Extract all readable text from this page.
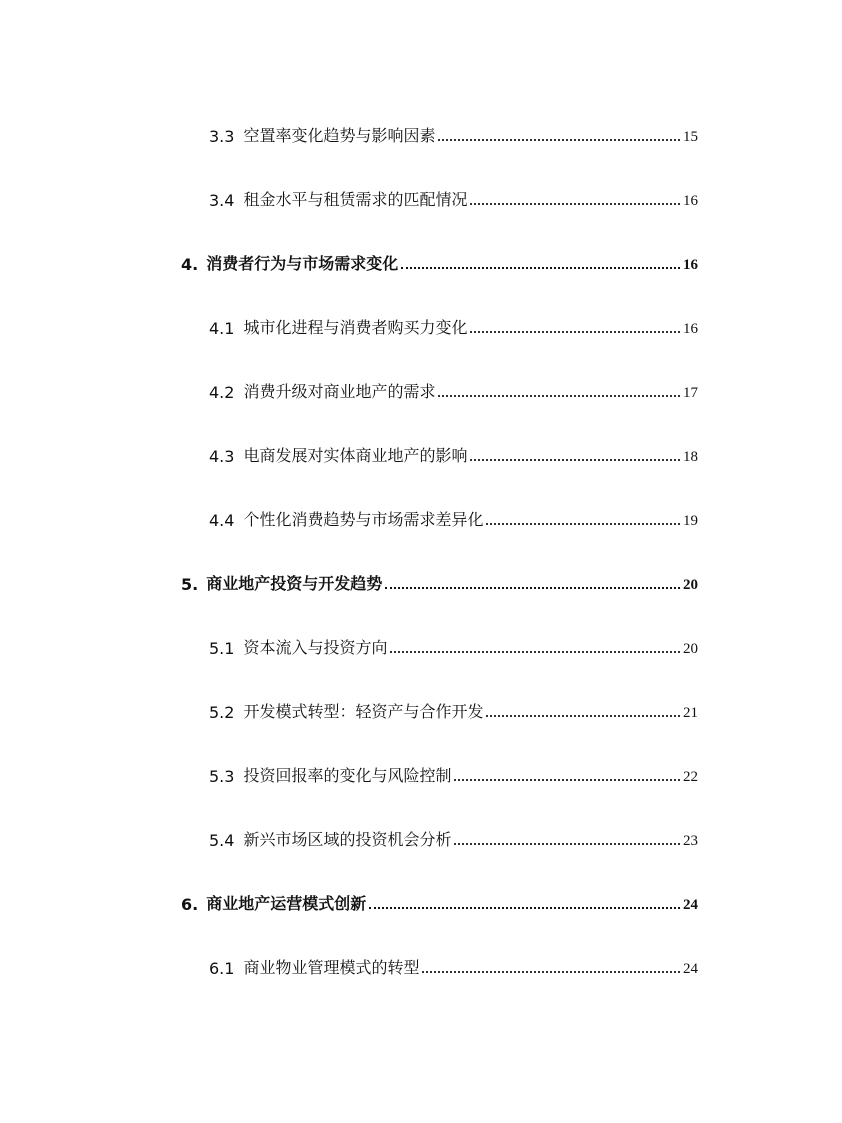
3.3 空置率变化趋势与影响因素	15
3.4 租金水平与租赁需求的匹配情况	16
4. 消费者行为与市场需求变化	16
4.1 城市化进程与消费者购买力变化	16
4.2 消费升级对商业地产的需求	17
4.3 电商发展对实体商业地产的影响	18
4.4 个性化消费趋势与市场需求差异化	19
5. 商业地产投资与开发趋势	20
5.1 资本流入与投资方向	20
5.2 开发模式转型：轻资产与合作开发	21
5.3 投资回报率的变化与风险控制	22
5.4 新兴市场区域的投资机会分析	23
6. 商业地产运营模式创新	24
6.1 商业物业管理模式的转型	24
